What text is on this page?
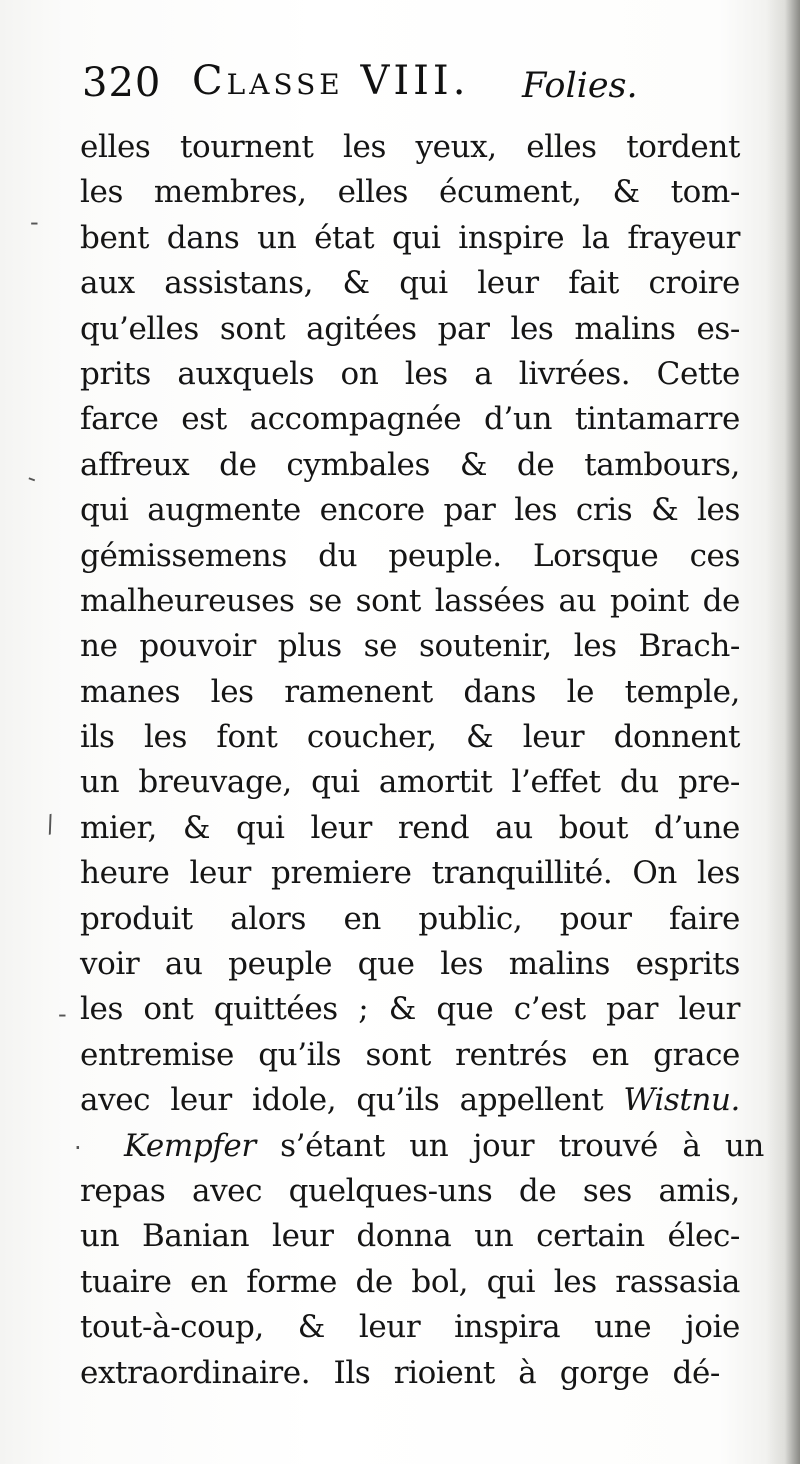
320 Classe VIII. Folies.
-
-
/
-
·
elles tournent les yeux, elles tordent
les membres, elles écument, & tom-
bent dans un état qui inspire la frayeur
aux assistans, & qui leur fait croire
qu’elles sont agitées par les malins es-
prits auxquels on les a livrées. Cette
farce est accompagnée d’un tintamarre
affreux de cymbales & de tambours,
qui augmente encore par les cris & les
gémissemens du peuple. Lorsque ces
malheureuses se sont lassées au point de
ne pouvoir plus se soutenir, les Brach-
manes les ramenent dans le temple,
ils les font coucher, & leur donnent
un breuvage, qui amortit l’effet du pre-
mier, & qui leur rend au bout d’une
heure leur premiere tranquillité. On les
produit alors en public, pour faire
voir au peuple que les malins esprits
les ont quittées ; & que c’est par leur
entremise qu’ils sont rentrés en grace
avec leur idole, qu’ils appellent Wistnu.
Kempfer s’étant un jour trouvé à un
repas avec quelques-uns de ses amis,
un Banian leur donna un certain élec-
tuaire en forme de bol, qui les rassasia
tout-à-coup, & leur inspira une joie
extraordinaire. Ils rioient à gorge dé-
